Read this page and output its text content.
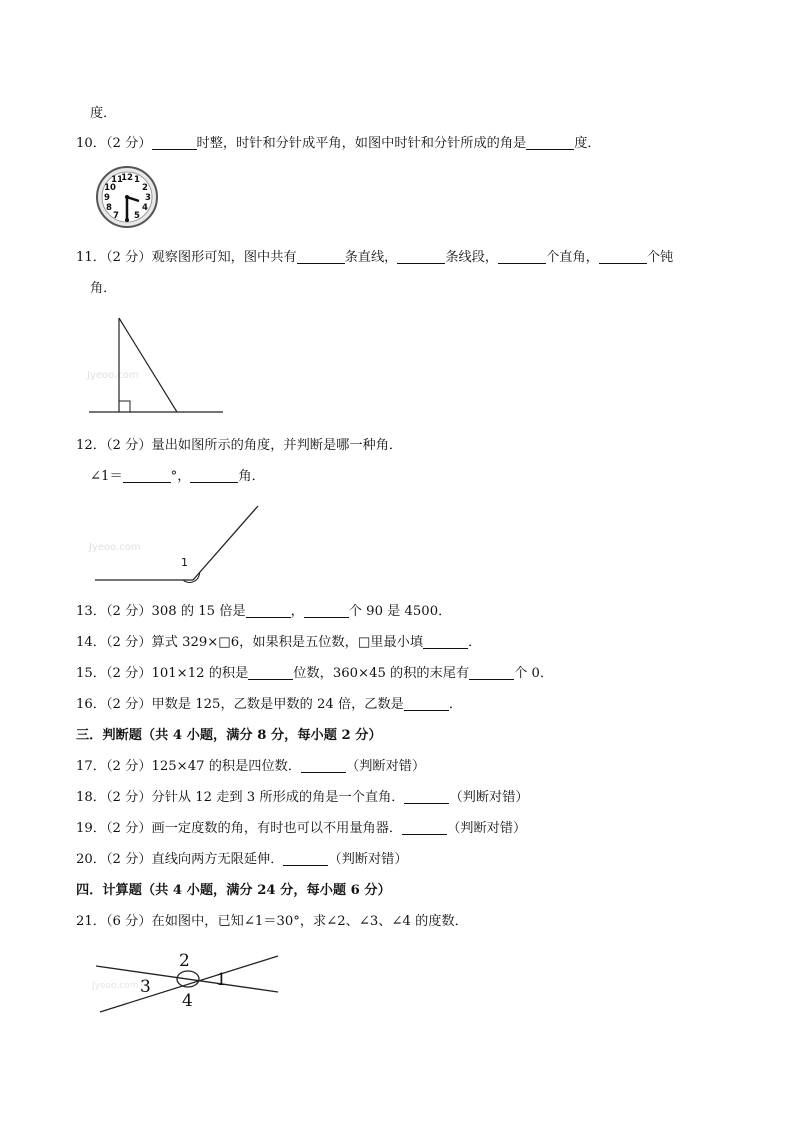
度．
10．（2 分）	时整，时针和分针成平角，如图中时针和分针所成的角是	度．
12 1
2
3
4
5
7
8
9
10
11
11．（2 分）观察图形可知，图中共有	条直线，	条线段，	个直角，	个钝
角．
Jyeoo.com
12．（2 分）量出如图所示的角度，并判断是哪一种角．
∠1＝	°，	角．
Jyeoo.com
1
13．（2 分）308 的 15 倍是	，	个 90 是 4500．
14．（2 分）算式 329×□6，如果积是五位数，□里最小填	．
15．（2 分）101×12 的积是	位数，360×45 的积的末尾有	个 0．
16．（2 分）甲数是 125，乙数是甲数的 24 倍，乙数是	．
三．判断题（共 4 小题，满分 8 分，每小题 2 分）
17．（2 分）125×47 的积是四位数．	（判断对错）
18．（2 分）分针从 12 走到 3 所形成的角是一个直角．	（判断对错）
19．（2 分）画一定度数的角，有时也可以不用量角器．	（判断对错）
20．（2 分）直线向两方无限延伸．	（判断对错）
四．计算题（共 4 小题，满分 24 分，每小题 6 分）
21．（6 分）在如图中，已知∠1＝30°，求∠2、∠3、∠4 的度数．
Jyeoo.com	1
2
3
4
